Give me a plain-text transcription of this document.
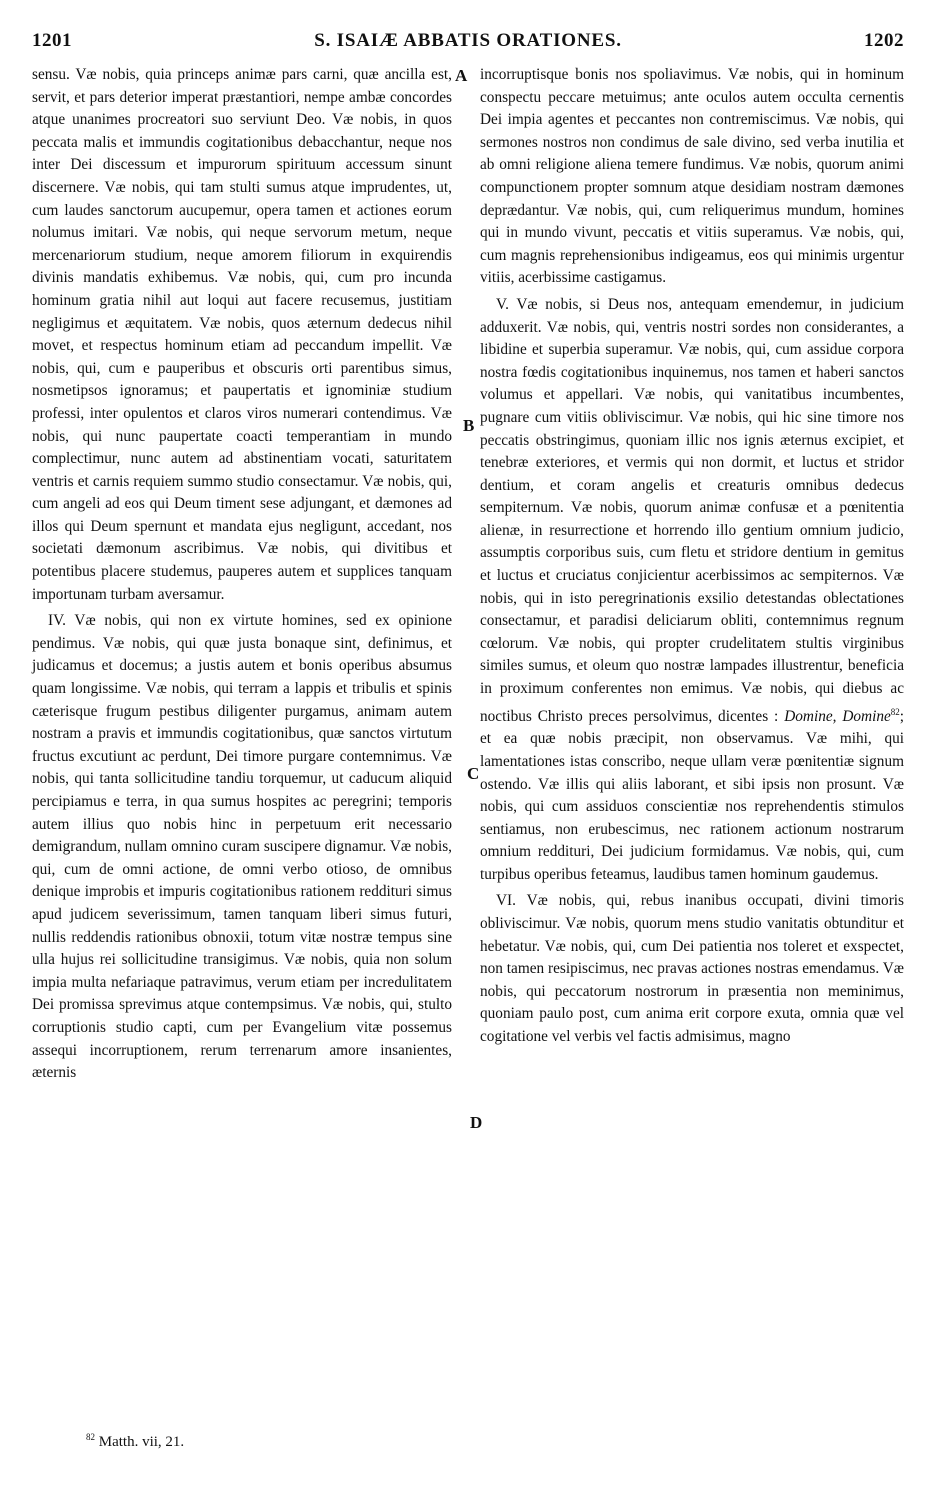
1201	S. ISAIÆ ABBATIS ORATIONES.	1202

sensu. Væ nobis, quia princeps animæ pars carni, quæ ancilla est, servit, et pars deterior imperat præstantiori, nempe ambæ concordes atque unanimes procreatori suo serviunt Deo. Væ nobis, in quos peccata malis et immundis cogitationibus debacchantur, neque nos inter Dei discessum et impurorum spirituum accessum sinunt discernere. Væ nobis, qui tam stulti sumus atque imprudentes, ut, cum laudes sanctorum aucupemur, opera tamen et actiones eorum nolumus imitari. Væ nobis, qui neque servorum metum, neque mercenariorum studium, neque amorem filiorum in exquirendis divinis mandatis exhibemus. Væ nobis, qui, cum pro incunda hominum gratia nihil aut loqui aut facere recusemus, justitiam negligimus et æquitatem. Væ nobis, quos æternum dedecus nihil movet, et respectus hominum etiam ad peccandum impellit. Væ nobis, qui, cum e pauperibus et obscuris orti parentibus simus, nosmetipsos ignoramus; et paupertatis et ignominiæ studium professi, inter opulentos et claros viros numerari contendimus. Væ nobis, qui nunc paupertate coacti temperantiam in mundo complectimur, nunc autem ad abstinentiam vocati, saturitatem ventris et carnis requiem summo studio consectamur. Væ nobis, qui, cum angeli ad eos qui Deum timent sese adjungant, et dæmones ad illos qui Deum spernunt et mandata ejus negligunt, accedant, nos societati dæmonum ascribimus. Væ nobis, qui divitibus et potentibus placere studemus, pauperes autem et supplices tanquam importunam turbam aversamur.

IV. Væ nobis, qui non ex virtute homines, sed ex opinione pendimus. Væ nobis, qui quæ justa bonaque sint, definimus, et judicamus et docemus; a justis autem et bonis operibus absumus quam longissime. Væ nobis, qui terram a lappis et tribulis et spinis cæterisque frugum pestibus diligenter purgamus, animam autem nostram a pravis et immundis cogitationibus, quæ sanctos virtutum fructus excutiunt ac perdunt, Dei timore purgare contemnimus. Væ nobis, qui tanta sollicitudine tandiu torquemur, ut caducum aliquid percipiamus e terra, in qua sumus hospites ac peregrini; temporis autem illius quo nobis hinc in perpetuum erit necessario demigrandum, nullam omnino curam suscipere dignamur. Væ nobis, qui, cum de omni actione, de omni verbo otioso, de omnibus denique improbis et impuris cogitationibus rationem reddituri simus apud judicem severissimum, tamen tanquam liberi simus futuri, nullis reddendis rationibus obnoxii, totum vitæ nostræ tempus sine ulla hujus rei sollicitudine transigimus. Væ nobis, quia non solum impia multa nefariaque patravimus, verum etiam per incredulitatem Dei promissa sprevimus atque contempsimus. Væ nobis, qui, stulto corruptionis studio capti, cum per Evangelium vitæ possemus assequi incorruptionem, rerum terrenarum amore insanientes, æternis

A
B
C
D

incorruptisque bonis nos spoliavimus. Væ nobis, qui in hominum conspectu peccare metuimus; ante oculos autem occulta cernentis Dei impia agentes et peccantes non contremiscimus. Væ nobis, qui sermones nostros non condimus de sale divino, sed verba inutilia et ab omni religione aliena temere fundimus. Væ nobis, quorum animi compunctionem propter somnum atque desidiam nostram dæmones deprædantur. Væ nobis, qui, cum reliquerimus mundum, homines qui in mundo vivunt, peccatis et vitiis superamus. Væ nobis, qui, cum magnis reprehensionibus indigeamus, eos qui minimis urgentur vitiis, acerbissime castigamus.

V. Væ nobis, si Deus nos, antequam emendemur, in judicium adduxerit. Væ nobis, qui, ventris nostri sordes non considerantes, a libidine et superbia superamur. Væ nobis, qui, cum assidue corpora nostra fœdis cogitationibus inquinemus, nos tamen et haberi sanctos volumus et appellari. Væ nobis, qui vanitatibus incumbentes, pugnare cum vitiis obliviscimur. Væ nobis, qui hic sine timore nos peccatis obstringimus, quoniam illic nos ignis æternus excipiet, et tenebræ exteriores, et vermis qui non dormit, et luctus et stridor dentium, et coram angelis et creaturis omnibus dedecus sempiternum. Væ nobis, quorum animæ confusæ et a pœnitentia alienæ, in resurrectione et horrendo illo gentium omnium judicio, assumptis corporibus suis, cum fletu et stridore dentium in gemitus et luctus et cruciatus conjicientur acerbissimos ac sempiternos. Væ nobis, qui in isto peregrinationis exsilio detestandas oblectationes consectamur, et paradisi deliciarum obliti, contemnimus regnum cœlorum. Væ nobis, qui propter crudelitatem stultis virginibus similes sumus, et oleum quo nostræ lampades illustrentur, beneficia in proximum conferentes non emimus. Væ nobis, qui diebus ac noctibus Christo preces persolvimus, dicentes : Domine, Domine$^{82}$; et ea quæ nobis præcipit, non observamus. Væ mihi, qui lamentationes istas conscribo, neque ullam veræ pœnitentiæ signum ostendo. Væ illis qui aliis laborant, et sibi ipsis non prosunt. Væ nobis, qui cum assiduos conscientiæ nos reprehendentis stimulos sentiamus, non erubescimus, nec rationem actionum nostrarum omnium reddituri, Dei judicium formidamus. Væ nobis, qui, cum turpibus operibus feteamus, laudibus tamen hominum gaudemus.

VI. Væ nobis, qui, rebus inanibus occupati, divini timoris obliviscimur. Væ nobis, quorum mens studio vanitatis obtunditur et hebetatur. Væ nobis, qui, cum Dei patientia nos toleret et exspectet, non tamen resipiscimus, nec pravas actiones nostras emendamus. Væ nobis, qui peccatorum nostrorum in præsentia non meminimus, quoniam paulo post, cum anima erit corpore exuta, omnia quæ vel cogitatione vel verbis vel factis admisimus, magno

$^{82}$ Matth. vii, 21.
